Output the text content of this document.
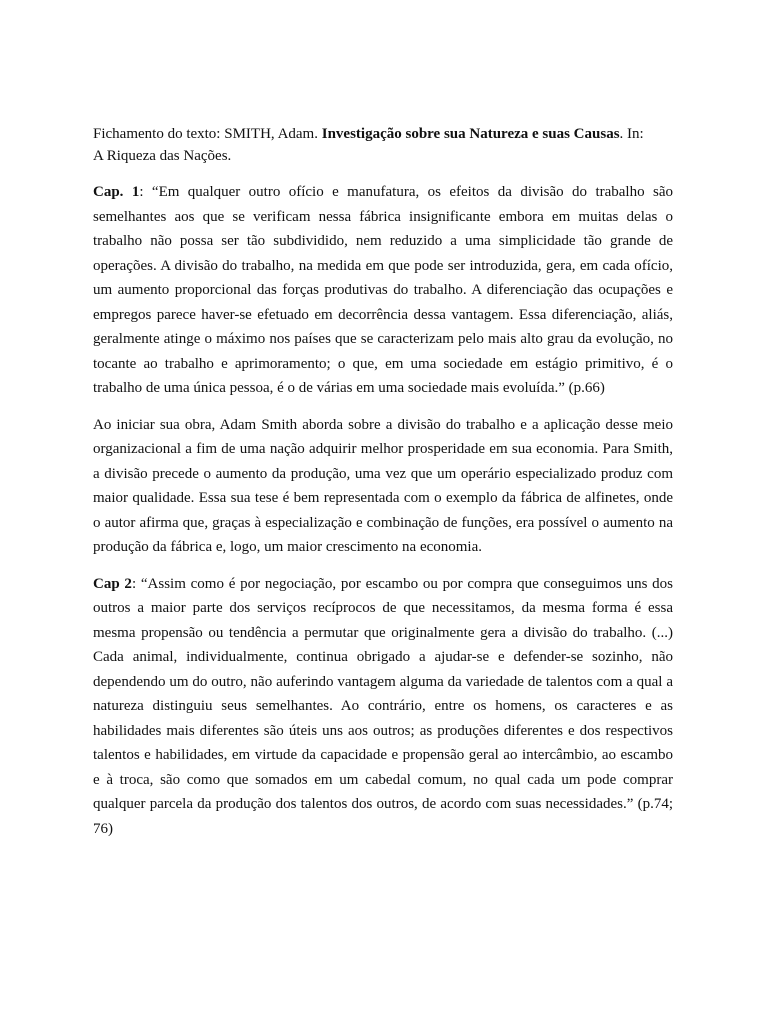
Fichamento do texto: SMITH, Adam. Investigação sobre sua Natureza e suas Causas. In:
A Riqueza das Nações.

Cap. 1: “Em qualquer outro ofício e manufatura, os efeitos da divisão do trabalho são semelhantes aos que se verificam nessa fábrica insignificante embora em muitas delas o trabalho não possa ser tão subdividido, nem reduzido a uma simplicidade tão grande de operações. A divisão do trabalho, na medida em que pode ser introduzida, gera, em cada ofício, um aumento proporcional das forças produtivas do trabalho. A diferenciação das ocupações e empregos parece haver-se efetuado em decorrência dessa vantagem. Essa diferenciação, aliás, geralmente atinge o máximo nos países que se caracterizam pelo mais alto grau da evolução, no tocante ao trabalho e aprimoramento; o que, em uma sociedade em estágio primitivo, é o trabalho de uma única pessoa, é o de várias em uma sociedade mais evoluída.” (p.66)

Ao iniciar sua obra, Adam Smith aborda sobre a divisão do trabalho e a aplicação desse meio organizacional a fim de uma nação adquirir melhor prosperidade em sua economia. Para Smith, a divisão precede o aumento da produção, uma vez que um operário especializado produz com maior qualidade. Essa sua tese é bem representada com o exemplo da fábrica de alfinetes, onde o autor afirma que, graças à especialização e combinação de funções, era possível o aumento na produção da fábrica e, logo, um maior crescimento na economia.

Cap 2: “Assim como é por negociação, por escambo ou por compra que conseguimos uns dos outros a maior parte dos serviços recíprocos de que necessitamos, da mesma forma é essa mesma propensão ou tendência a permutar que originalmente gera a divisão do trabalho. (...) Cada animal, individualmente, continua obrigado a ajudar-se e defender-se sozinho, não dependendo um do outro, não auferindo vantagem alguma da variedade de talentos com a qual a natureza distinguiu seus semelhantes. Ao contrário, entre os homens, os caracteres e as habilidades mais diferentes são úteis uns aos outros; as produções diferentes e dos respectivos talentos e habilidades, em virtude da capacidade e propensão geral ao intercâmbio, ao escambo e à troca, são como que somados em um cabedal comum, no qual cada um pode comprar qualquer parcela da produção dos talentos dos outros, de acordo com suas necessidades.” (p.74; 76)
